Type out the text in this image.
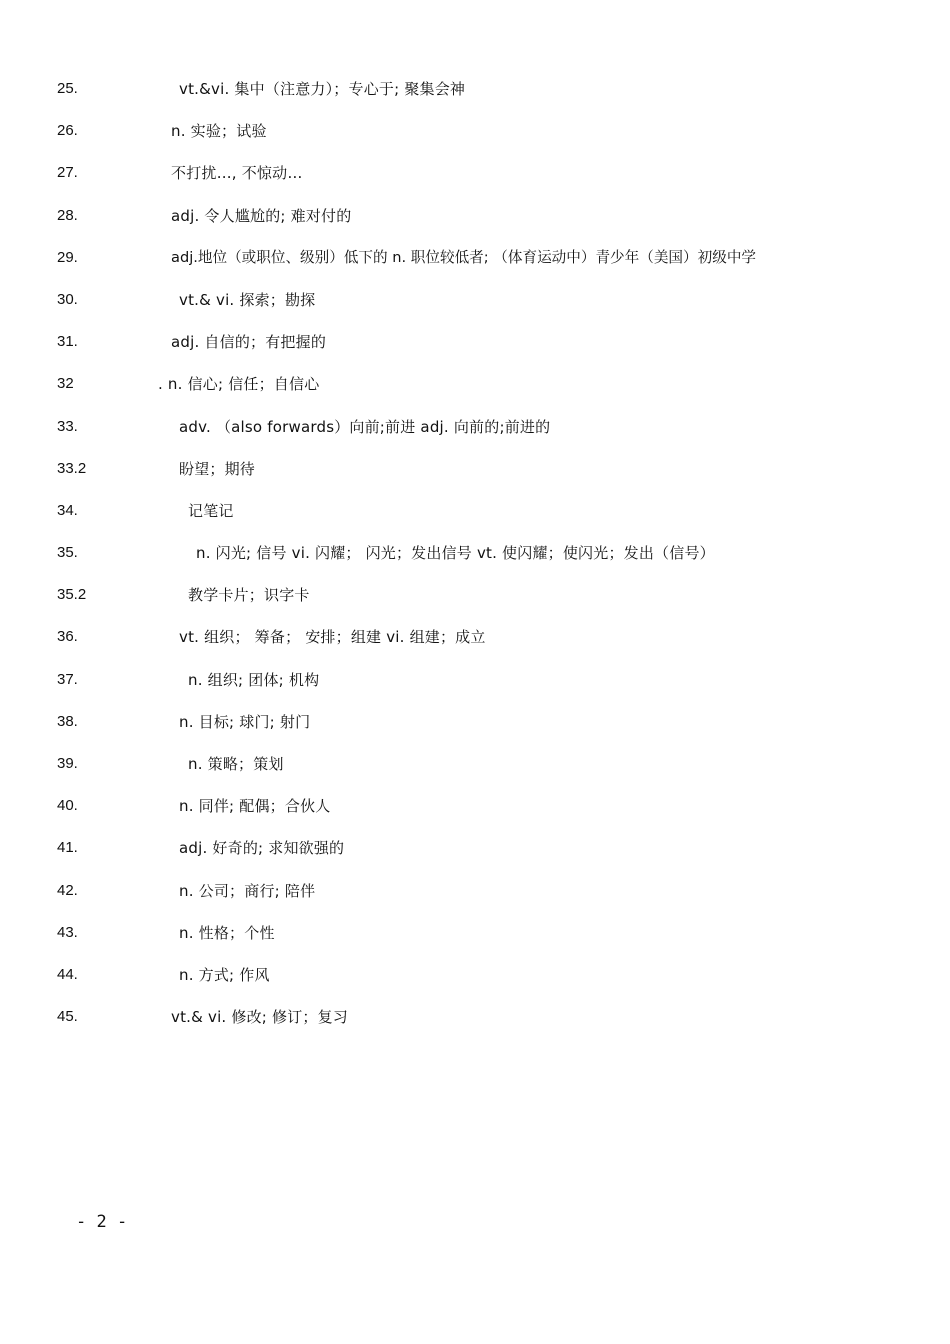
25.	vt.&vi. 集中（注意力）；专心于; 聚集会神
26.	n. 实验；试验
27.	不打扰…, 不惊动…
28.	adj. 令人尴尬的; 难对付的
29.	adj.地位（或职位、级别）低下的 n. 职位较低者; （体育运动中）青少年（美国）初级中学
30.	vt.& vi. 探索；勘探
31.	adj. 自信的；有把握的
32	. n. 信心; 信任；自信心
33.	adv. （also forwards）向前;前进 adj. 向前的;前进的
33.2	盼望；期待
34.	记笔记
35.	n. 闪光; 信号 vi. 闪耀； 闪光；发出信号 vt. 使闪耀；使闪光；发出（信号）
35.2	教学卡片；识字卡
36.	vt. 组织； 筹备； 安排；组建 vi. 组建；成立
37.	n. 组织; 团体; 机构
38.	n. 目标; 球门; 射门
39.	n. 策略；策划
40.	n. 同伴; 配偶；合伙人
41.	adj. 好奇的; 求知欲强的
42.	n. 公司；商行; 陪伴
43.	n. 性格；个性
44.	n. 方式; 作风
45.	vt.& vi. 修改; 修订；复习
- 2 -
